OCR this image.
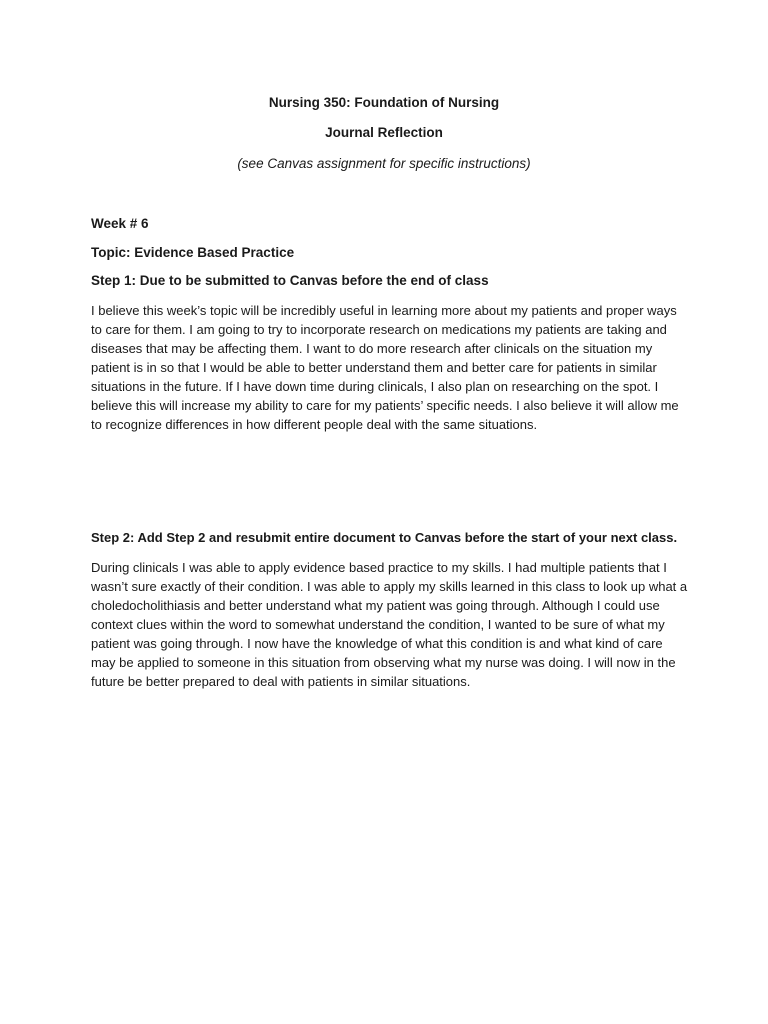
Nursing 350: Foundation of Nursing
Journal Reflection
(see Canvas assignment for specific instructions)
Week # 6
Topic: Evidence Based Practice
Step 1: Due to be submitted to Canvas before the end of class
I believe this week’s topic will be incredibly useful in learning more about my patients and proper ways
to care for them. I am going to try to incorporate research on medications my patients are taking and
diseases that may be affecting them. I want to do more research after clinicals on the situation my
patient is in so that I would be able to better understand them and better care for patients in similar
situations in the future. If I have down time during clinicals, I also plan on researching on the spot. I
believe this will increase my ability to care for my patients’ specific needs. I also believe it will allow me
to recognize differences in how different people deal with the same situations.
Step 2: Add Step 2 and resubmit entire document to Canvas before the start of your next class.
During clinicals I was able to apply evidence based practice to my skills. I had multiple patients that I
wasn’t sure exactly of their condition. I was able to apply my skills learned in this class to look up what a
choledocholithiasis and better understand what my patient was going through. Although I could use
context clues within the word to somewhat understand the condition, I wanted to be sure of what my
patient was going through. I now have the knowledge of what this condition is and what kind of care
may be applied to someone in this situation from observing what my nurse was doing. I will now in the
future be better prepared to deal with patients in similar situations.
